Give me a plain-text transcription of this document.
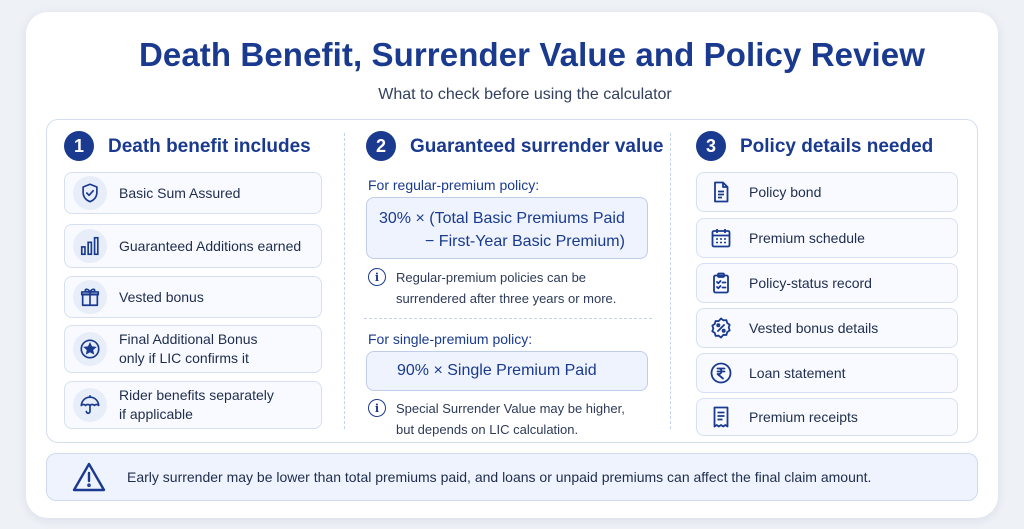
Death Benefit, Surrender Value and Policy Review
What to check before using the calculator
1	Death benefit includes
Basic Sum Assured
Guaranteed Additions earned
Vested bonus
Final Additional Bonus
only if LIC confirms it
Rider benefits separately
if applicable
2	Guaranteed surrender value
For regular-premium policy:
30% × (Total Basic Premiums Paid
− First-Year Basic Premium)
i	Regular-premium policies can be
surrendered after three years or more.
For single-premium policy:
90% × Single Premium Paid
i	Special Surrender Value may be higher,
but depends on LIC calculation.
3	Policy details needed
Policy bond
Premium schedule
Policy-status record
Vested bonus details
Loan statement
Premium receipts
Early surrender may be lower than total premiums paid, and loans or unpaid premiums can affect the final claim amount.
